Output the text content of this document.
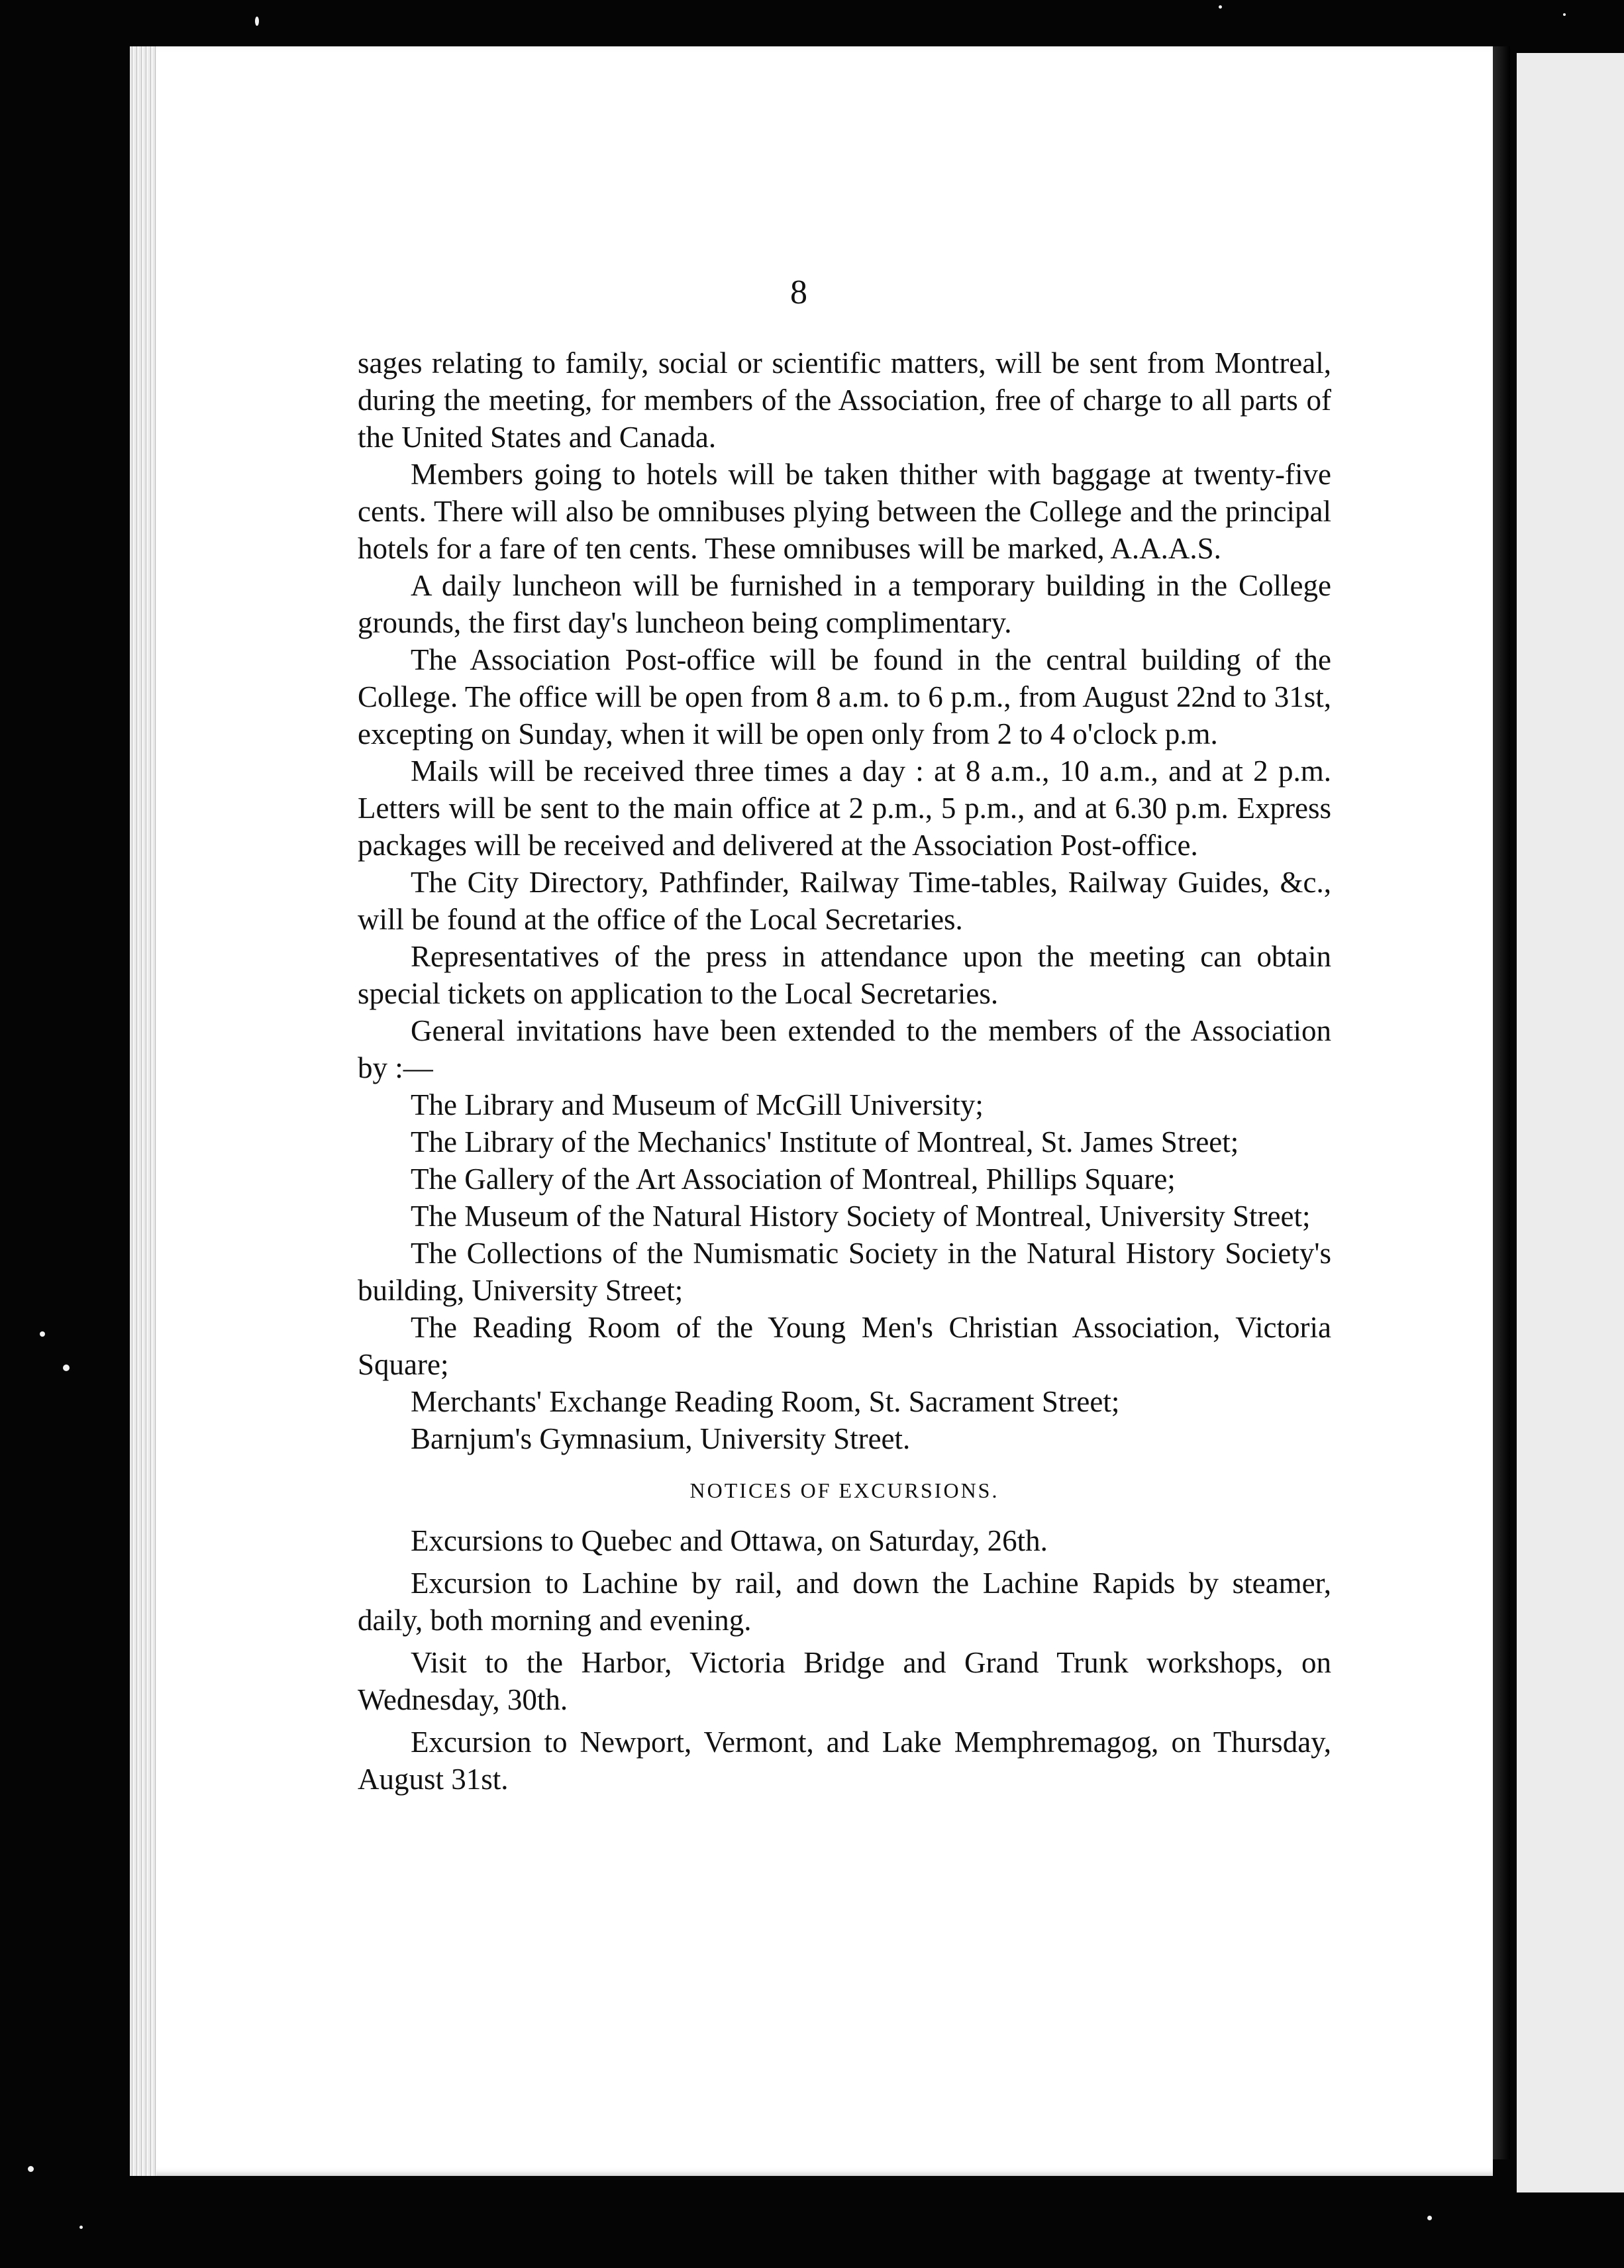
8

sages relating to family, social or scientific matters, will be sent from Montreal, during the meeting, for members of the Association, free of charge to all parts of the United States and Canada.

Members going to hotels will be taken thither with baggage at twenty-five cents. There will also be omnibuses plying between the College and the principal hotels for a fare of ten cents. These omnibuses will be marked, A.A.A.S.

A daily luncheon will be furnished in a temporary building in the College grounds, the first day's luncheon being complimentary.

The Association Post-office will be found in the central building of the College. The office will be open from 8 a.m. to 6 p.m., from August 22nd to 31st, excepting on Sunday, when it will be open only from 2 to 4 o'clock p.m.

Mails will be received three times a day : at 8 a.m., 10 a.m., and at 2 p.m. Letters will be sent to the main office at 2 p.m., 5 p.m., and at 6.30 p.m. Express packages will be received and delivered at the Association Post-office.

The City Directory, Pathfinder, Railway Time-tables, Railway Guides, &c., will be found at the office of the Local Secretaries.

Representatives of the press in attendance upon the meeting can obtain special tickets on application to the Local Secretaries.

General invitations have been extended to the members of the Association by :—

The Library and Museum of McGill University;

The Library of the Mechanics' Institute of Montreal, St. James Street;

The Gallery of the Art Association of Montreal, Phillips Square;

The Museum of the Natural History Society of Montreal, University Street;

The Collections of the Numismatic Society in the Natural History Society's building, University Street;

The Reading Room of the Young Men's Christian Association, Victoria Square;

Merchants' Exchange Reading Room, St. Sacrament Street;

Barnjum's Gymnasium, University Street.

NOTICES OF EXCURSIONS.

Excursions to Quebec and Ottawa, on Saturday, 26th.

Excursion to Lachine by rail, and down the Lachine Rapids by steamer, daily, both morning and evening.

Visit to the Harbor, Victoria Bridge and Grand Trunk workshops, on Wednesday, 30th.

Excursion to Newport, Vermont, and Lake Memphremagog, on Thursday, August 31st.
